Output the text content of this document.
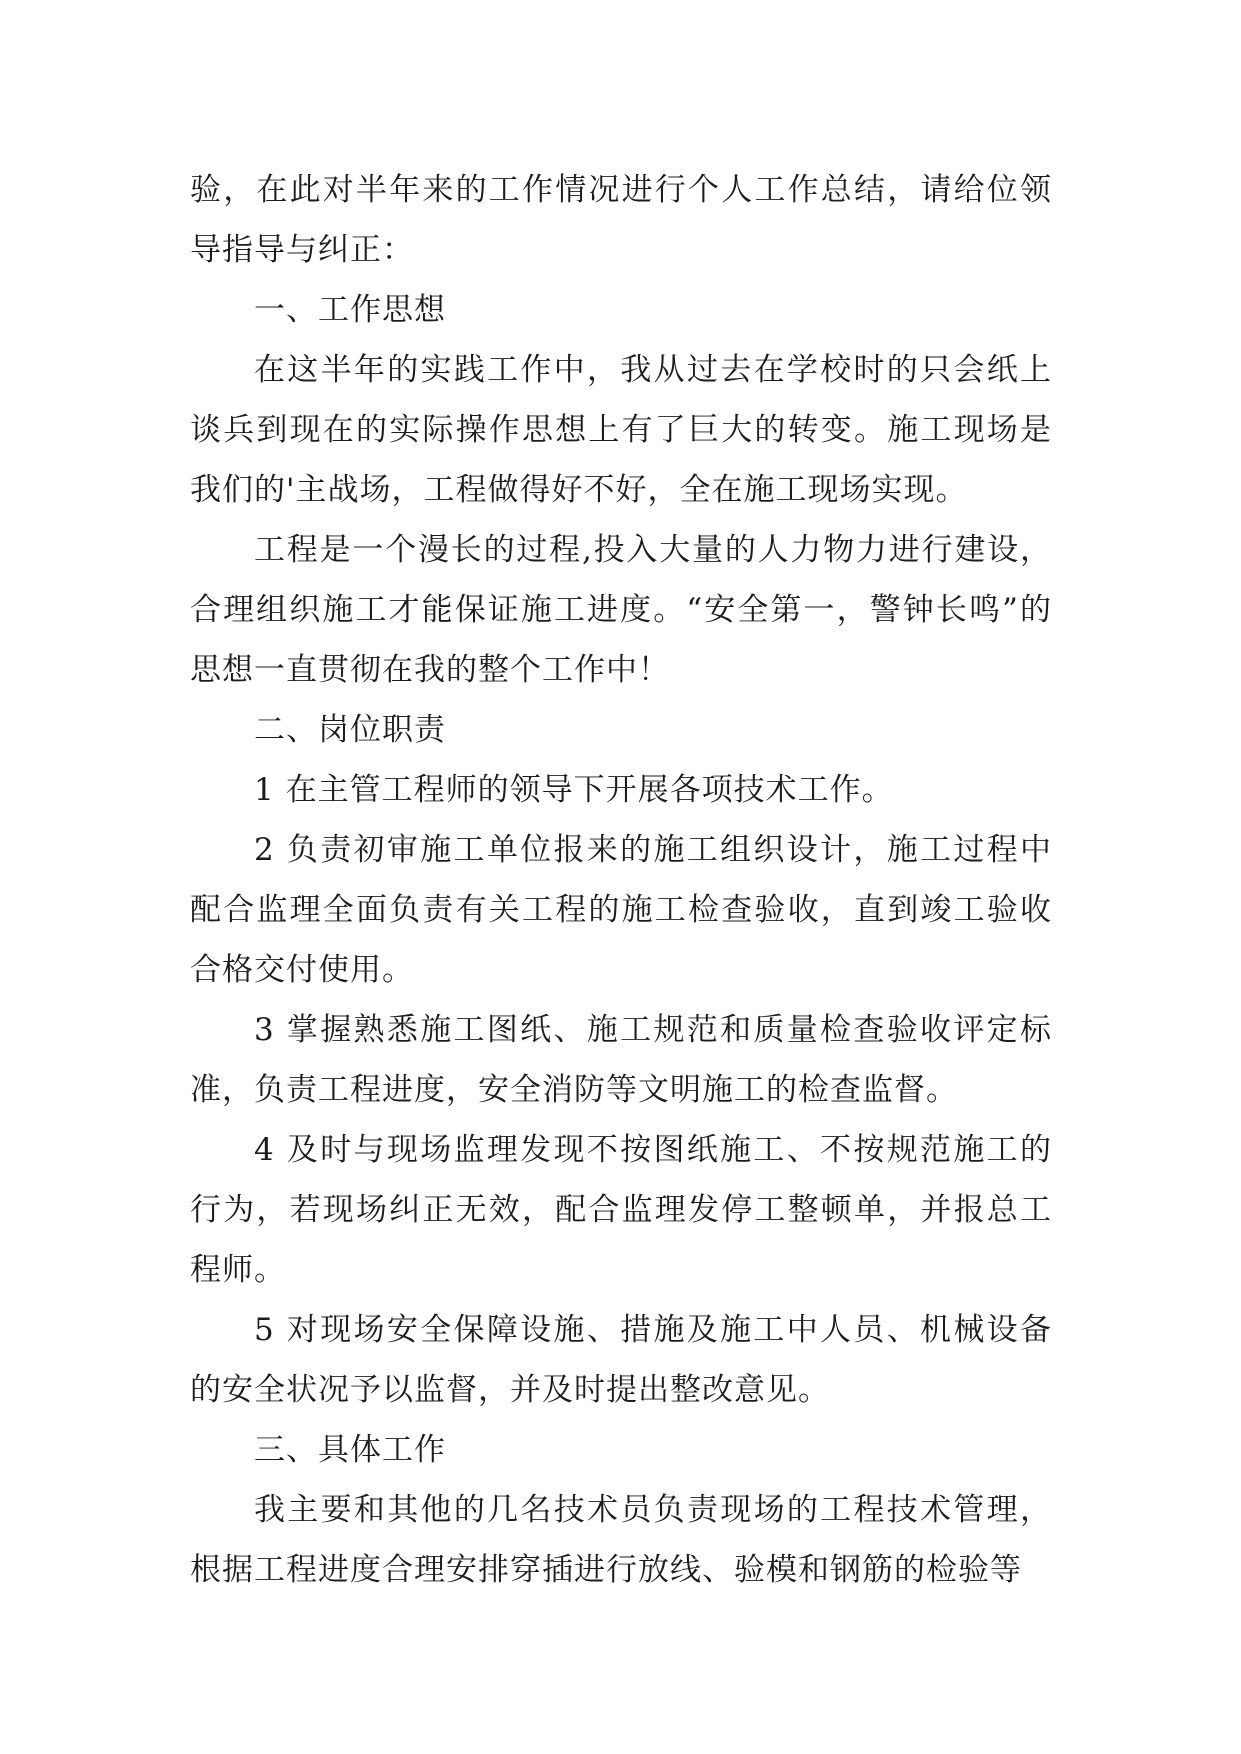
验，在此对半年来的工作情况进行个人工作总结，请给位领导指导与纠正：

一、工作思想

在这半年的实践工作中，我从过去在学校时的只会纸上谈兵到现在的实际操作思想上有了巨大的转变。施工现场是我们的'主战场，工程做得好不好，全在施工现场实现。

工程是一个漫长的过程,投入大量的人力物力进行建设，合理组织施工才能保证施工进度。“安全第一，警钟长鸣”的思想一直贯彻在我的整个工作中！

二、岗位职责

1 在主管工程师的领导下开展各项技术工作。

2 负责初审施工单位报来的施工组织设计，施工过程中配合监理全面负责有关工程的施工检查验收，直到竣工验收合格交付使用。

3 掌握熟悉施工图纸、施工规范和质量检查验收评定标准，负责工程进度，安全消防等文明施工的检查监督。

4 及时与现场监理发现不按图纸施工、不按规范施工的行为，若现场纠正无效，配合监理发停工整顿单，并报总工程师。

5 对现场安全保障设施、措施及施工中人员、机械设备的安全状况予以监督，并及时提出整改意见。

三、具体工作

我主要和其他的几名技术员负责现场的工程技术管理，根据工程进度合理安排穿插进行放线、验模和钢筋的检验等
